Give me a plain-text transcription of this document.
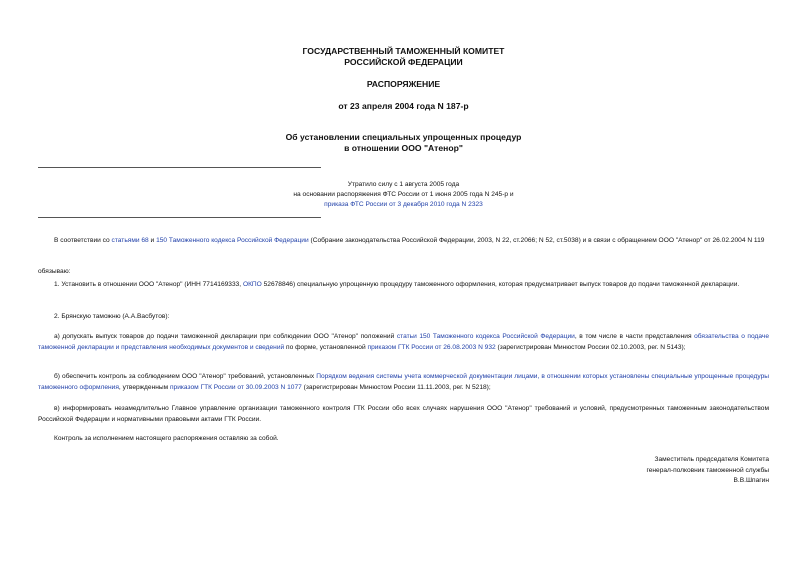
ГОСУДАРСТВЕННЫЙ ТАМОЖЕННЫЙ КОМИТЕТ
РОССИЙСКОЙ ФЕДЕРАЦИИ
РАСПОРЯЖЕНИЕ
от 23 апреля 2004 года N 187-р
Об установлении специальных упрощенных процедур
в отношении ООО "Атенор"
Утратило силу с 1 августа 2005 года
на основании распоряжения ФТС России от 1 июня 2005 года N 245-р и
приказа ФТС России от 3 декабря 2010 года N 2323
В соответствии со статьями 68 и 150 Таможенного кодекса Российской Федерации (Собрание законодательства Российской Федерации, 2003, N 22, ст.2066; N 52, ст.5038) и в связи с обращением ООО "Атенор" от 26.02.2004 N 119
обязываю:
1. Установить в отношении ООО "Атенор" (ИНН 7714169333, ОКПО 52678846) специальную упрощенную процедуру таможенного оформления, которая предусматривает выпуск товаров до подачи таможенной декларации.
2. Брянскую таможню (А.А.Васбутов):
а) допускать выпуск товаров до подачи таможенной декларации при соблюдении ООО "Атенор" положений статьи 150 Таможенного кодекса Российской Федерации, в том числе в части представления обязательства о подаче таможенной декларации и представления необходимых документов и сведений по форме, установленной приказом ГТК России от 26.08.2003 N 932 (зарегистрирован Минюстом России 02.10.2003, рег. N 5143);
б) обеспечить контроль за соблюдением ООО "Атенор" требований, установленных Порядком ведения системы учета коммерческой документации лицами, в отношении которых установлены специальные упрощенные процедуры таможенного оформления, утвержденным приказом ГТК России от 30.09.2003 N 1077 (зарегистрирован Минюстом России 11.11.2003, рег. N 5218);
в) информировать незамедлительно Главное управление организации таможенного контроля ГТК России обо всех случаях нарушения ООО "Атенор" требований и условий, предусмотренных таможенным законодательством Российской Федерации и нормативными правовыми актами ГТК России.
Контроль за исполнением настоящего распоряжения оставляю за собой.
Заместитель председателя Комитета
генерал-полковник таможенной службы
В.В.Шпагин
